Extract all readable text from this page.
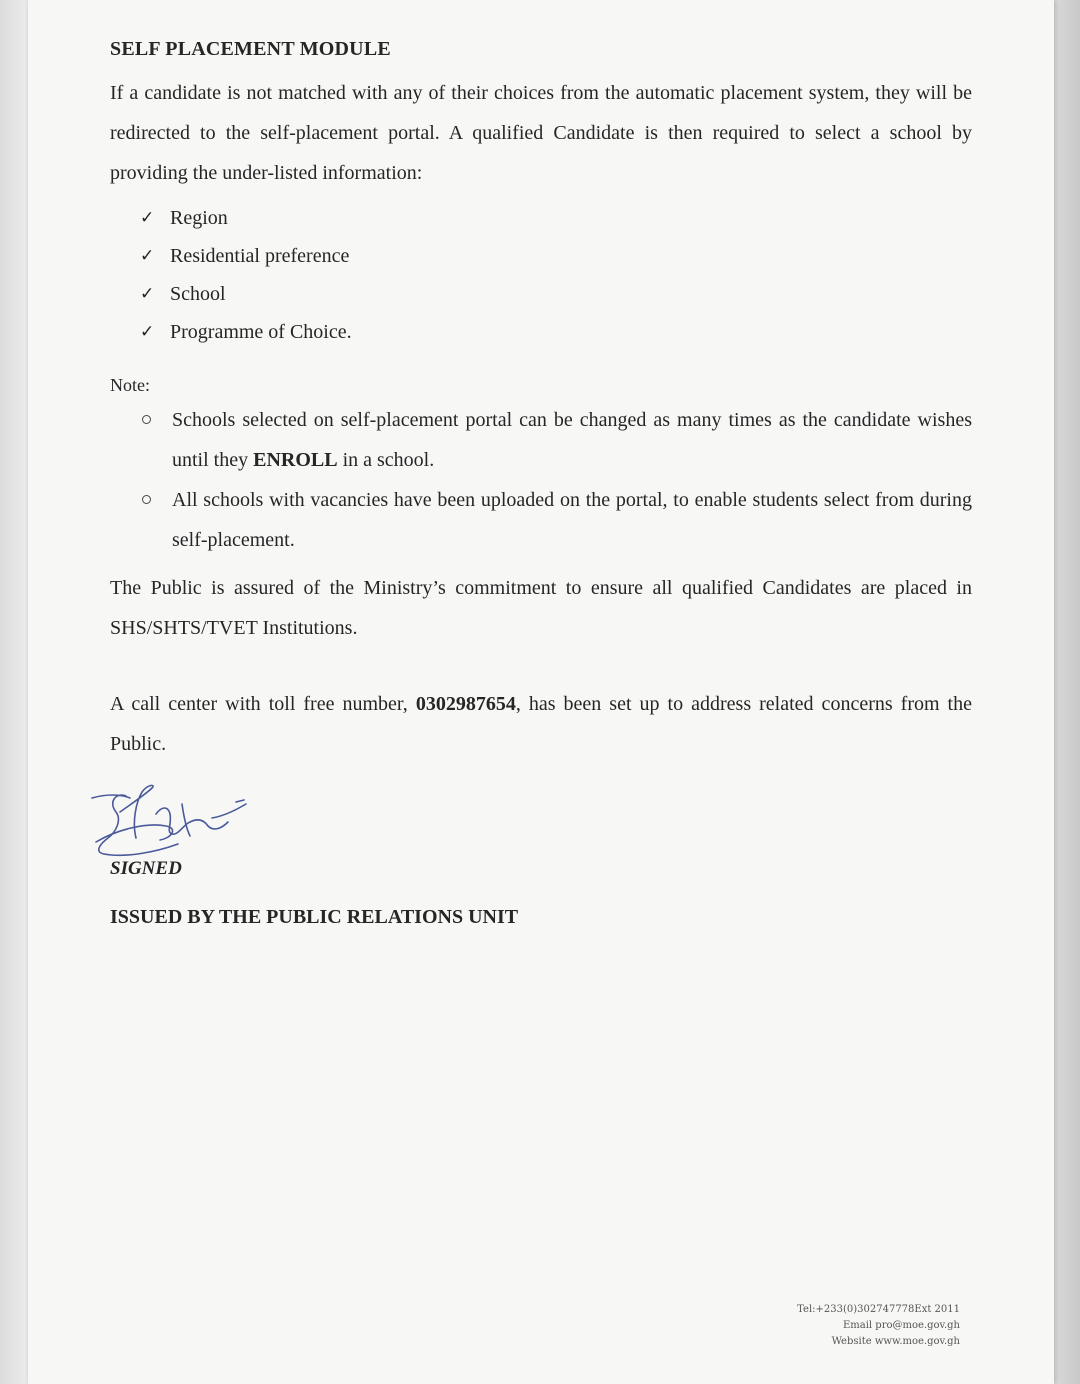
SELF PLACEMENT MODULE

If a candidate is not matched with any of their choices from the automatic placement system, they will be redirected to the self-placement portal. A qualified Candidate is then required to select a school by providing the under-listed information:

✓ Region
✓ Residential preference
✓ School
✓ Programme of Choice.
Note:
Schools selected on self-placement portal can be changed as many times as the candidate wishes until they ENROLL in a school.
All schools with vacancies have been uploaded on the portal, to enable students select from during self-placement.

The Public is assured of the Ministry’s commitment to ensure all qualified Candidates are placed in SHS/SHTS/TVET Institutions.

A call center with toll free number, 0302987654, has been set up to address related concerns from the Public.

SIGNED
ISSUED BY THE PUBLIC RELATIONS UNIT
Tel:+233(0)302747778Ext 2011
Email pro@moe.gov.gh
Website www.moe.gov.gh
